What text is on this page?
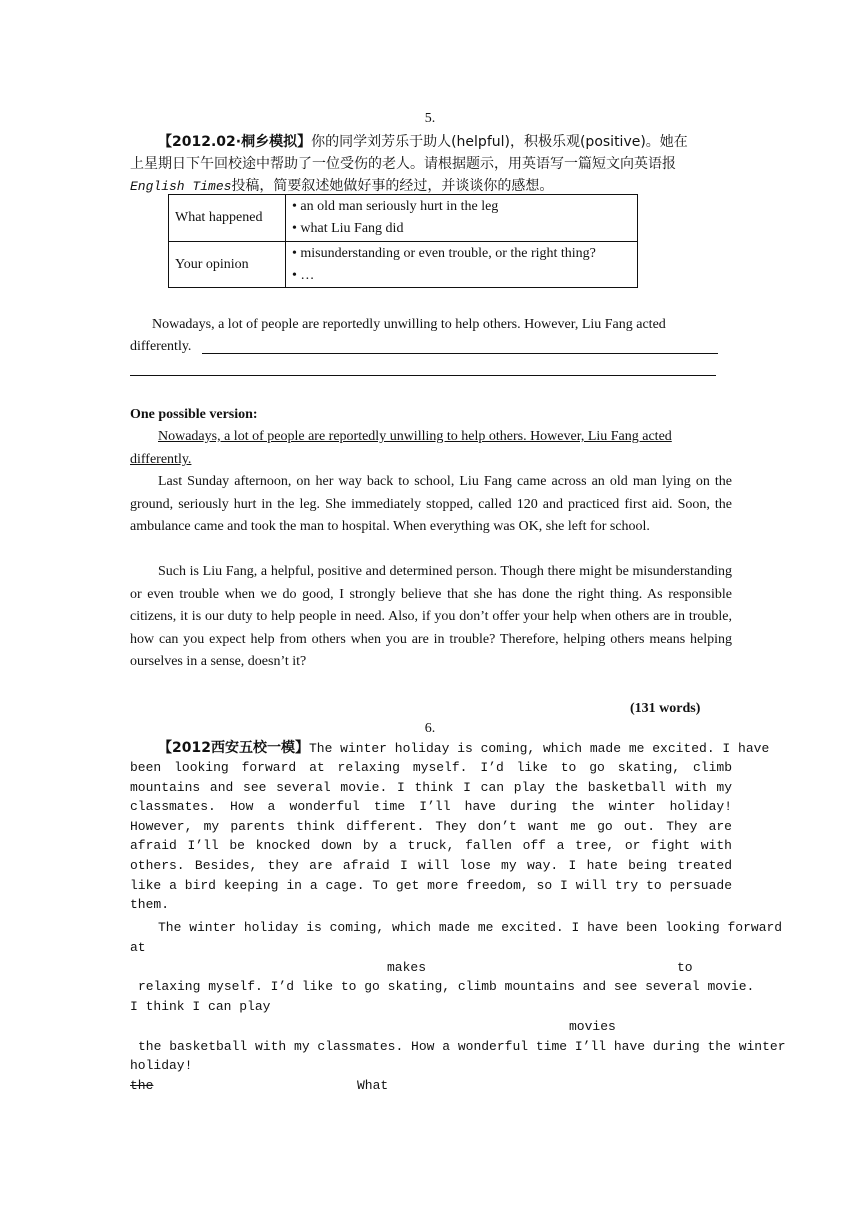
5.
【2012.02·桐乡模拟】你的同学刘芳乐于助人(helpful)，积极乐观(positive)。她在
上星期日下午回校途中帮助了一位受伤的老人。请根据题示，用英语写一篇短文向英语报
English Times投稿，简要叙述她做好事的经过，并谈谈你的感想。
What happened	• an old man seriously hurt in the leg
• what Liu Fang did

Your opinion	• misunderstanding or even trouble, or the right thing?
• …
Nowadays, a lot of people are reportedly unwilling to help others. However, Liu Fang acted
differently.
One possible version:
Nowadays, a lot of people are reportedly unwilling to help others. However, Liu Fang acted
differently.
Last Sunday afternoon, on her way back to school, Liu Fang came across an old man lying on the ground, seriously hurt in the leg. She immediately stopped, called 120 and practiced first aid. Soon, the ambulance came and took the man to hospital. When everything was OK, she left for school.
Such is Liu Fang, a helpful, positive and determined person. Though there might be misunderstanding or even trouble when we do good, I strongly believe that she has done the right thing. As responsible citizens, it is our duty to help people in need. Also, if you don’t offer your help when others are in trouble, how can you expect help from others when you are in trouble? Therefore, helping others means helping ourselves in a sense, doesn’t it?
(131 words)
6.
【2012西安五校一模】The winter holiday is coming, which made me excited. I have
been looking forward at relaxing myself. I’d like to go skating, climb mountains and see several movie. I think I can play the basketball with my classmates. How a wonderful time I’ll have during the winter holiday! However, my parents think different. They don’t want me go out. They are afraid I’ll be knocked down by a truck, fallen off a tree, or fight with others. Besides, they are afraid I will lose my way. I hate being treated like a bird keeping in a cage. To get more freedom, so I will try to persuade them.
The winter holiday is coming, which made me excited. I have been looking forward
at
makes	to
relaxing myself. I’d like to go skating, climb mountains and see several movie.
I think I can play
movies
the basketball with my classmates. How a wonderful time I’ll have during the winter
holiday!
the	What
